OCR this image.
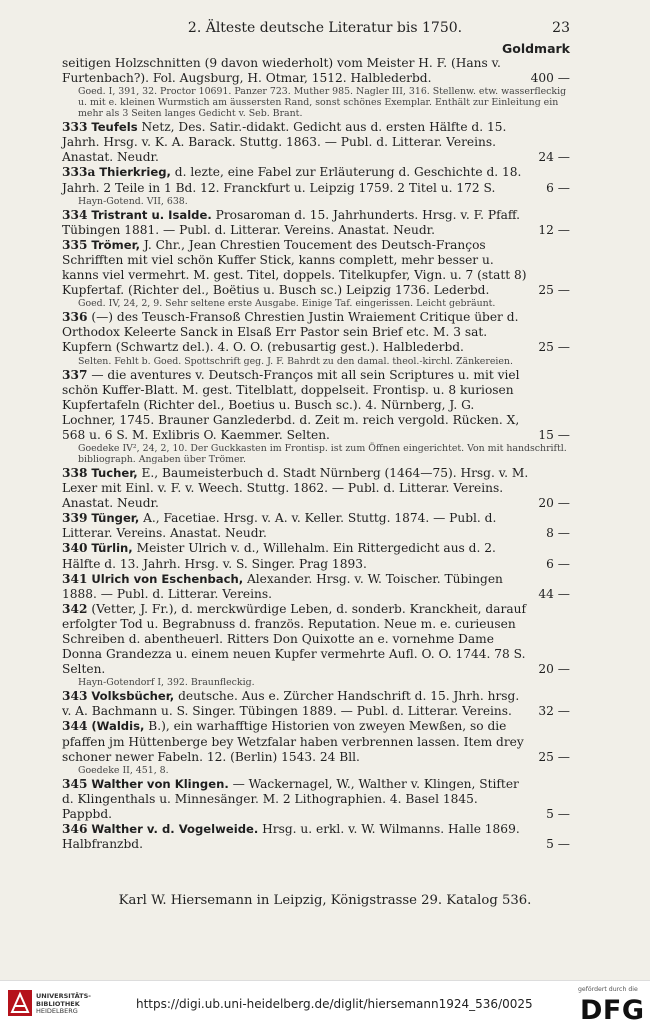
2. Älteste deutsche Literatur bis 1750.	23
Goldmark
seitigen Holzschnitten (9 davon wiederholt) vom Meister H. F. (Hans v. Furtenbach?). Fol. Augsburg, H. Otmar, 1512. Halblederbd.	400 —
Goed. I, 391, 32. Proctor 10691. Panzer 723. Muther 985. Nagler III, 316. Stellenw. etw. wasserfleckig u. mit e. kleinen Wurmstich am äussersten Rand, sonst schönes Exemplar. Enthält zur Einleitung ein mehr als 3 Seiten langes Gedicht v. Seb. Brant.
333 Teufels Netz, Des. Satir.-didakt. Gedicht aus d. ersten Hälfte d. 15. Jahrh. Hrsg. v. K. A. Barack. Stuttg. 1863. — Publ. d. Litterar. Vereins. Anastat. Neudr.	24 —
333a Thierkrieg, d. lezte, eine Fabel zur Erläuterung d. Geschichte d. 18. Jahrh. 2 Teile in 1 Bd. 12. Franckfurt u. Leipzig 1759. 2 Titel u. 172 S.	6 —
Hayn-Gotend. VII, 638.
334 Tristrant u. Isalde. Prosaroman d. 15. Jahrhunderts. Hrsg. v. F. Pfaff. Tübingen 1881. — Publ. d. Litterar. Vereins. Anastat. Neudr.	12 —
335 Trömer, J. Chr., Jean Chrestien Toucement des Deutsch-Franços Schrifften mit viel schön Kuffer Stick, kanns complett, mehr besser u. kanns viel vermehrt. M. gest. Titel, doppels. Titelkupfer, Vign. u. 7 (statt 8) Kupfertaf. (Richter del., Boëtius u. Busch sc.) Leipzig 1736. Lederbd.	25 —
Goed. IV, 24, 2, 9. Sehr seltene erste Ausgabe. Einige Taf. eingerissen. Leicht gebräunt.
336 (—) des Teusch-Fransoß Chrestien Justin Wraiement Critique über d. Orthodox Keleerte Sanck in Elsaß Err Pastor sein Brief etc. M. 3 sat. Kupfern (Schwartz del.). 4. O. O. (rebusartig gest.). Halblederbd.	25 —
Selten. Fehlt b. Goed. Spottschrift geg. J. F. Bahrdt zu den damal. theol.-kirchl. Zänkereien.
337 — die aventures v. Deutsch-Franços mit all sein Scriptures u. mit viel schön Kuffer-Blatt. M. gest. Titelblatt, doppelseit. Frontisp. u. 8 kuriosen Kupfertafeln (Richter del., Boetius u. Busch sc.). 4. Nürnberg, J. G. Lochner, 1745. Brauner Ganzlederbd. d. Zeit m. reich vergold. Rücken. X, 568 u. 6 S. M. Exlibris O. Kaemmer. Selten.	15 —
Goedeke IV², 24, 2, 10. Der Guckkasten im Frontisp. ist zum Öffnen eingerichtet. Von mit handschriftl. bibliograph. Angaben über Trömer.
338 Tucher, E., Baumeisterbuch d. Stadt Nürnberg (1464—75). Hrsg. v. M. Lexer mit Einl. v. F. v. Weech. Stuttg. 1862. — Publ. d. Litterar. Vereins. Anastat. Neudr.	20 —
339 Tünger, A., Facetiae. Hrsg. v. A. v. Keller. Stuttg. 1874. — Publ. d. Litterar. Vereins. Anastat. Neudr.	8 —
340 Türlin, Meister Ulrich v. d., Willehalm. Ein Rittergedicht aus d. 2. Hälfte d. 13. Jahrh. Hrsg. v. S. Singer. Prag 1893.	6 —
341 Ulrich von Eschenbach, Alexander. Hrsg. v. W. Toischer. Tübingen 1888. — Publ. d. Litterar. Vereins.	44 —
342 (Vetter, J. Fr.), d. merckwürdige Leben, d. sonderb. Kranckheit, darauf erfolgter Tod u. Begrabnuss d. französ. Reputation. Neue m. e. curieusen Schreiben d. abentheuerl. Ritters Don Quixotte an e. vornehme Dame Donna Grandezza u. einem neuen Kupfer vermehrte Aufl. O. O. 1744. 78 S. Selten.	20 —
Hayn-Gotendorf I, 392. Braunfleckig.
343 Volksbücher, deutsche. Aus e. Zürcher Handschrift d. 15. Jhrh. hrsg. v. A. Bachmann u. S. Singer. Tübingen 1889. — Publ. d. Litterar. Vereins.	32 —
344 (Waldis, B.), ein warhafftige Historien von zweyen Mewßen, so die pfaffen jm Hüttenberge bey Wetzfalar haben verbrennen lassen. Item drey schoner newer Fabeln. 12. (Berlin) 1543. 24 Bll.	25 —
Goedeke II, 451, 8.
345 Walther von Klingen. — Wackernagel, W., Walther v. Klingen, Stifter d. Klingenthals u. Minnesänger. M. 2 Lithographien. 4. Basel 1845. Pappbd.	5 —
346 Walther v. d. Vogelweide. Hrsg. u. erkl. v. W. Wilmanns. Halle 1869. Halbfranzbd.	5 —
Karl W. Hiersemann in Leipzig, Königstrasse 29. Katalog 536.
UNIVERSITÄTS-
BIBLIOTHEK
HEIDELBERG	https://digi.ub.uni-heidelberg.de/diglit/hiersemann1924_536/0025
gefördert durch die
DFG
